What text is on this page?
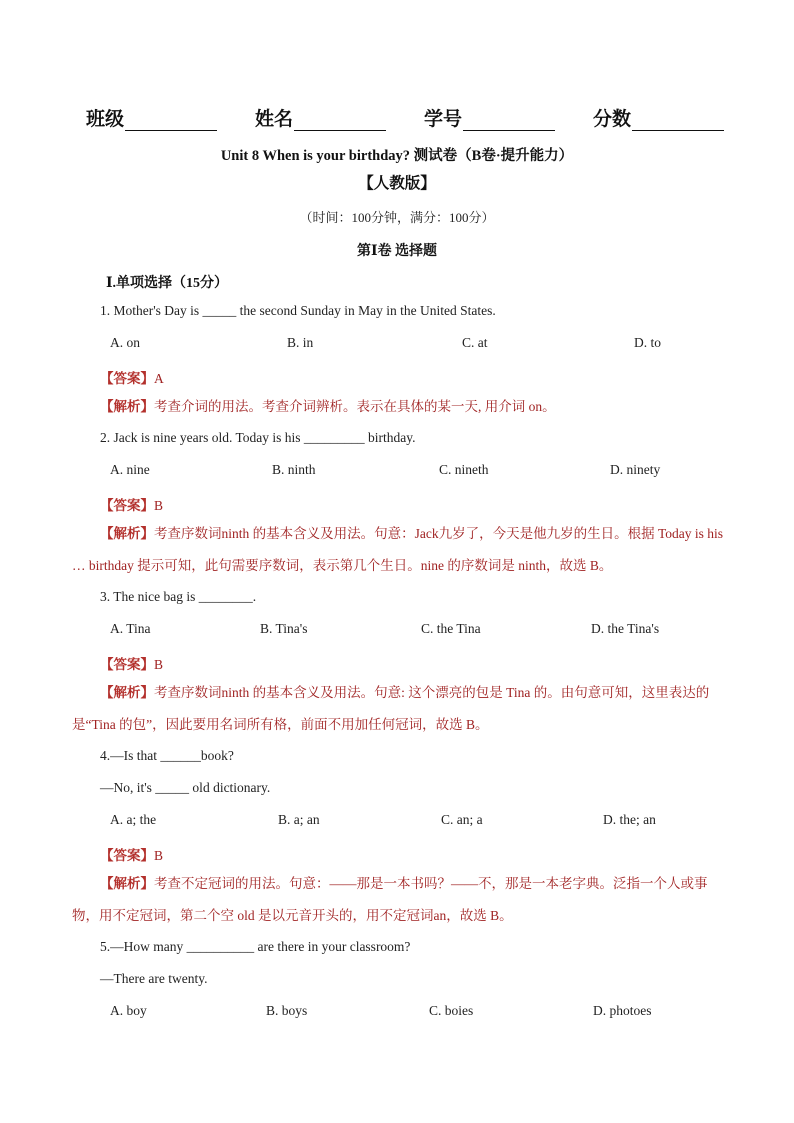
班级	姓名	学号	分数
Unit 8 When is your birthday? 测试卷（B卷·提升能力）
【人教版】
（时间：100分钟，满分：100分）
第Ⅰ卷 选择题
Ⅰ.单项选择（15分）
1. Mother's Day is _____ the second Sunday in May in the United States.
A. on	B. in	C. at	D. to
【答案】A
【解析】考查介词的用法。考查介词辨析。表示在具体的某一天, 用介词 on。
2. Jack is nine years old. Today is his _________ birthday.
A. nine	B. ninth	C. nineth	D. ninety
【答案】B
【解析】考查序数词ninth 的基本含义及用法。句意：Jack九岁了，今天是他九岁的生日。根据 Today is his … birthday 提示可知，此句需要序数词，表示第几个生日。nine 的序数词是 ninth，故选 B。
3. The nice bag is ________.
A. Tina	B. Tina's	C. the Tina	D. the Tina's
【答案】B
【解析】考查序数词ninth 的基本含义及用法。句意: 这个漂亮的包是 Tina 的。由句意可知，这里表达的是“Tina 的包”，因此要用名词所有格，前面不用加任何冠词，故选 B。
4.—Is that ______book?
—No, it's _____ old dictionary.
A. a; the	B. a; an	C. an; a	D. the; an
【答案】B
【解析】考查不定冠词的用法。句意：——那是一本书吗？——不，那是一本老字典。泛指一个人或事物，用不定冠词，第二个空 old 是以元音开头的，用不定冠词an，故选 B。
5.—How many __________ are there in your classroom?
—There are twenty.
A. boy	B. boys	C. boies	D. photoes
